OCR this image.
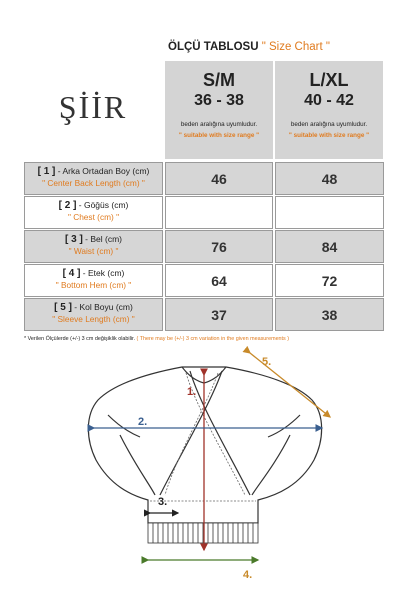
ÖLÇÜ TABLOSU " Size Chart "
ŞİİR
S/M
36 - 38
beden aralığına uyumludur.
" suitable with size range "
L/XL
40 - 42
beden aralığına uyumludur.
" suitable with size range "
[ 1 ] - Arka Ortadan Boy (cm)
" Center Back Length (cm) "	46	48
[ 2 ] - Göğüs (cm)
" Chest (cm) "
[ 3 ] - Bel (cm)
" Waist (cm) "	76	84
[ 4 ] - Etek (cm)
" Bottom Hem (cm) "	64	72
[ 5 ] - Kol Boyu (cm)
" Sleeve Length (cm) "	37	38
* Verilen Ölçülerde (+/-) 3 cm değişiklik olabilir. ( There may be (+/-) 3 cm variation in the given measurements )
1.
2.
3.
4.
5.
